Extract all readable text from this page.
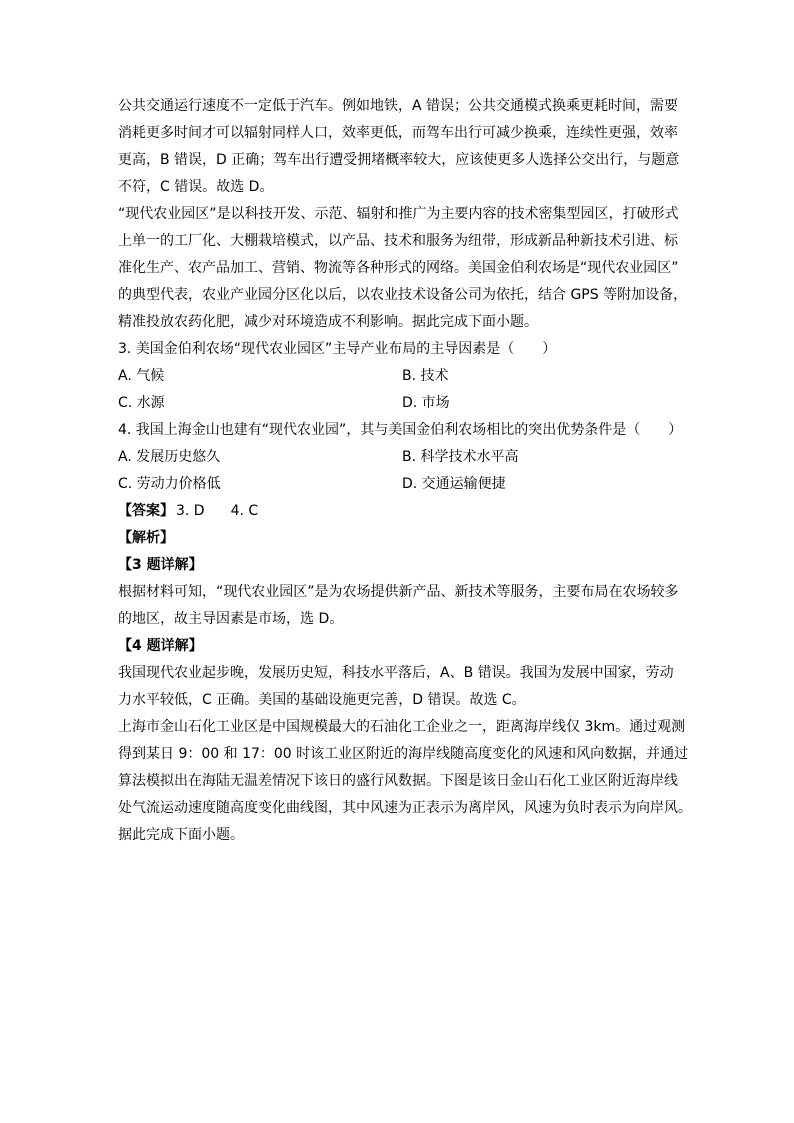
公共交通运行速度不一定低于汽车。例如地铁，A 错误；公共交通模式换乘更耗时间，需要
消耗更多时间才可以辐射同样人口，效率更低，而驾车出行可减少换乘，连续性更强，效率
更高，B 错误，D 正确；驾车出行遭受拥堵概率较大，应该使更多人选择公交出行，与题意
不符，C 错误。故选 D。
“现代农业园区”是以科技开发、示范、辐射和推广为主要内容的技术密集型园区，打破形式
上单一的工厂化、大棚栽培模式，以产品、技术和服务为纽带，形成新品种新技术引进、标
准化生产、农产品加工、营销、物流等各种形式的网络。美国金伯利农场是“现代农业园区”
的典型代表，农业产业园分区化以后，以农业技术设备公司为依托，结合 GPS 等附加设备，
精准投放农药化肥，减少对环境造成不利影响。据此完成下面小题。

3. 美国金伯利农场“现代农业园区”主导产业布局的主导因素是（　　）

A. 气候	B. 技术
C. 水源	D. 市场

4. 我国上海金山也建有“现代农业园”，其与美国金伯利农场相比的突出优势条件是（　　）

A. 发展历史悠久	B. 科学技术水平高
C. 劳动力价格低	D. 交通运输便捷

【答案】 3. D 4. C

【解析】

【3 题详解】

根据材料可知，“现代农业园区”是为农场提供新产品、新技术等服务，主要布局在农场较多
的地区，故主导因素是市场，选 D。

【4 题详解】

我国现代农业起步晚，发展历史短，科技水平落后，A、B 错误。我国为发展中国家，劳动
力水平较低，C 正确。美国的基础设施更完善，D 错误。故选 C。
上海市金山石化工业区是中国规模最大的石油化工企业之一，距离海岸线仅 3km。通过观测
得到某日 9：00 和 17：00 时该工业区附近的海岸线随高度变化的风速和风向数据，并通过
算法模拟出在海陆无温差情况下该日的盛行风数据。下图是该日金山石化工业区附近海岸线
处气流运动速度随高度变化曲线图，其中风速为正表示为离岸风，风速为负时表示为向岸风。
据此完成下面小题。
